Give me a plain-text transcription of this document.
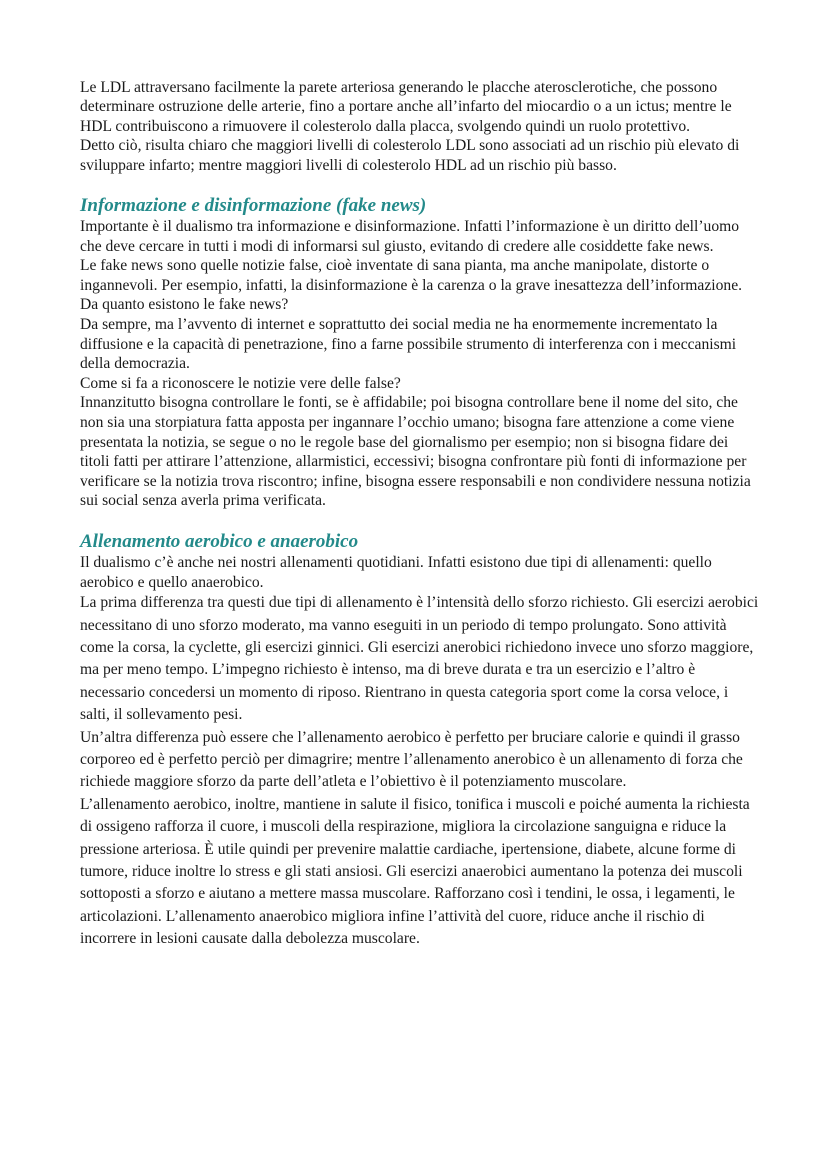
Le LDL attraversano facilmente la parete arteriosa generando le placche aterosclerotiche, che possono determinare ostruzione delle arterie, fino a portare anche all’infarto del miocardio o a un ictus; mentre le HDL contribuiscono a rimuovere il colesterolo dalla placca, svolgendo quindi un ruolo protettivo.

Detto ciò, risulta chiaro che maggiori livelli di colesterolo LDL sono associati ad un rischio più elevato di sviluppare infarto; mentre maggiori livelli di colesterolo HDL ad un rischio più basso.

Informazione e disinformazione (fake news)

Importante è il dualismo tra informazione e disinformazione. Infatti l’informazione è un diritto dell’uomo che deve cercare in tutti i modi di informarsi sul giusto, evitando di credere alle cosiddette fake news.

Le fake news sono quelle notizie false, cioè inventate di sana pianta, ma anche manipolate, distorte o ingannevoli. Per esempio, infatti, la disinformazione è la carenza o la grave inesattezza dell’informazione.

Da quanto esistono le fake news?

Da sempre, ma l’avvento di internet e soprattutto dei social media ne ha enormemente incrementato la diffusione e la capacità di penetrazione, fino a farne possibile strumento di interferenza con i meccanismi della democrazia.

Come si fa a riconoscere le notizie vere delle false?

Innanzitutto bisogna controllare le fonti, se è affidabile; poi bisogna controllare bene il nome del sito, che non sia una storpiatura fatta apposta per ingannare l’occhio umano; bisogna fare attenzione a come viene presentata la notizia, se segue o no le regole base del giornalismo per esempio; non si bisogna fidare dei titoli fatti per attirare l’attenzione, allarmistici, eccessivi; bisogna confrontare più fonti di informazione per verificare se la notizia trova riscontro; infine, bisogna essere responsabili e non condividere nessuna notizia sui social senza averla prima verificata.

Allenamento aerobico e anaerobico

Il dualismo c’è anche nei nostri allenamenti quotidiani. Infatti esistono due tipi di allenamenti: quello aerobico e quello anaerobico.

La prima differenza tra questi due tipi di allenamento è l’intensità dello sforzo richiesto. Gli esercizi aerobici necessitano di uno sforzo moderato, ma vanno eseguiti in un periodo di tempo prolungato. Sono attività come la corsa, la cyclette, gli esercizi ginnici. Gli esercizi anerobici richiedono invece uno sforzo maggiore, ma per meno tempo. L’impegno richiesto è intenso, ma di breve durata e tra un esercizio e l’altro è necessario concedersi un momento di riposo. Rientrano in questa categoria sport come la corsa veloce, i salti, il sollevamento pesi.

Un’altra differenza può essere che l’allenamento aerobico è perfetto per bruciare calorie e quindi il grasso corporeo ed è perfetto perciò per dimagrire; mentre l’allenamento anerobico è un allenamento di forza che richiede maggiore sforzo da parte dell’atleta e l’obiettivo è il potenziamento muscolare.

L’allenamento aerobico, inoltre, mantiene in salute il fisico, tonifica i muscoli e poiché aumenta la richiesta di ossigeno rafforza il cuore, i muscoli della respirazione, migliora la circolazione sanguigna e riduce la pressione arteriosa. È utile quindi per prevenire malattie cardiache, ipertensione, diabete, alcune forme di tumore, riduce inoltre lo stress e gli stati ansiosi. Gli esercizi anaerobici aumentano la potenza dei muscoli sottoposti a sforzo e aiutano a mettere massa muscolare. Rafforzano così i tendini, le ossa, i legamenti, le articolazioni. L’allenamento anaerobico migliora infine l’attività del cuore, riduce anche il rischio di incorrere in lesioni causate dalla debolezza muscolare.
